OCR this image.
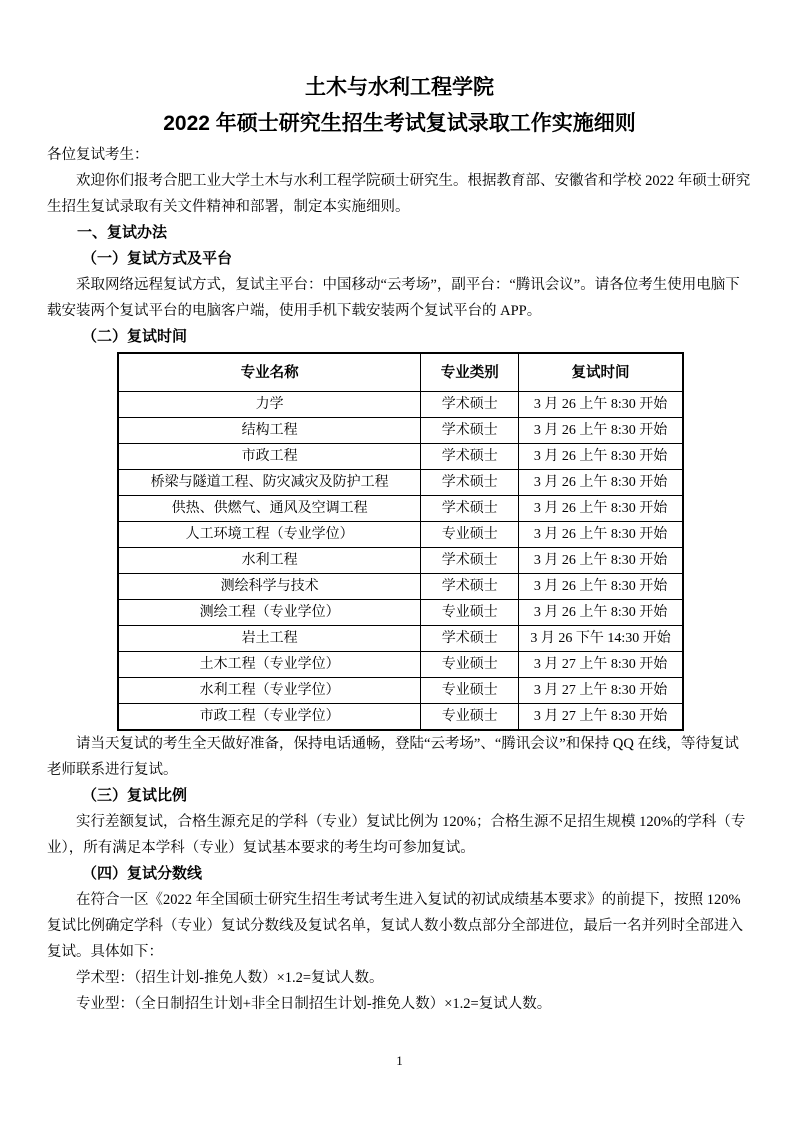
土木与水利工程学院
2022 年硕士研究生招生考试复试录取工作实施细则

各位复试考生：

欢迎你们报考合肥工业大学土木与水利工程学院硕士研究生。根据教育部、安徽省和学校 2022 年硕士研究生招生复试录取有关文件精神和部署，制定本实施细则。

一、复试办法

（一）复试方式及平台

采取网络远程复试方式，复试主平台：中国移动“云考场”，副平台：“腾讯会议”。请各位考生使用电脑下载安装两个复试平台的电脑客户端，使用手机下载安装两个复试平台的 APP。

（二）复试时间

专业名称	专业类别	复试时间
力学	学术硕士	3 月 26 上午 8:30 开始
结构工程	学术硕士	3 月 26 上午 8:30 开始
市政工程	学术硕士	3 月 26 上午 8:30 开始
桥梁与隧道工程、防灾减灾及防护工程	学术硕士	3 月 26 上午 8:30 开始
供热、供燃气、通风及空调工程	学术硕士	3 月 26 上午 8:30 开始
人工环境工程（专业学位）	专业硕士	3 月 26 上午 8:30 开始
水利工程	学术硕士	3 月 26 上午 8:30 开始
测绘科学与技术	学术硕士	3 月 26 上午 8:30 开始
测绘工程（专业学位）	专业硕士	3 月 26 上午 8:30 开始
岩土工程	学术硕士	3 月 26 下午 14:30 开始
土木工程（专业学位）	专业硕士	3 月 27 上午 8:30 开始
水利工程（专业学位）	专业硕士	3 月 27 上午 8:30 开始
市政工程（专业学位）	专业硕士	3 月 27 上午 8:30 开始

请当天复试的考生全天做好准备，保持电话通畅，登陆“云考场”、“腾讯会议”和保持 QQ 在线，等待复试老师联系进行复试。

（三）复试比例

实行差额复试，合格生源充足的学科（专业）复试比例为 120%；合格生源不足招生规模 120%的学科（专业），所有满足本学科（专业）复试基本要求的考生均可参加复试。

（四）复试分数线

在符合一区《2022 年全国硕士研究生招生考试考生进入复试的初试成绩基本要求》的前提下，按照 120%复试比例确定学科（专业）复试分数线及复试名单，复试人数小数点部分全部进位，最后一名并列时全部进入复试。具体如下：

学术型：（招生计划-推免人数）×1.2=复试人数。

专业型：（全日制招生计划+非全日制招生计划-推免人数）×1.2=复试人数。

1
